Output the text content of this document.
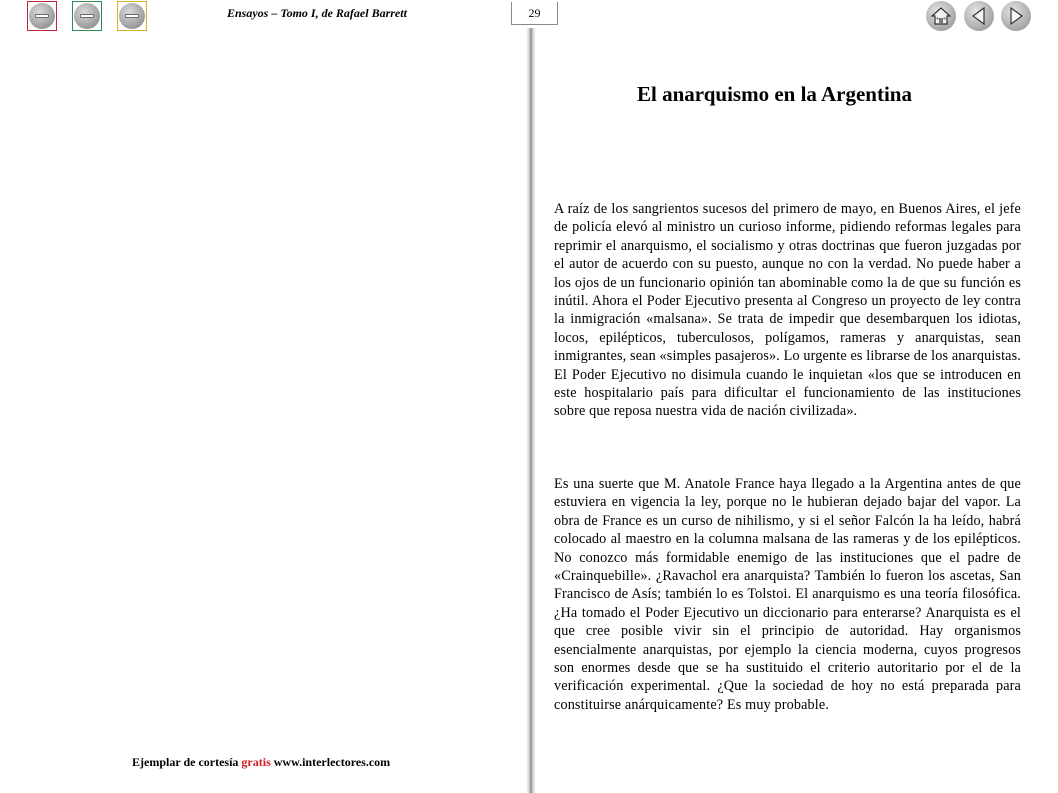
Ensayos – Tomo I, de Rafael Barrett	29
Ejemplar de cortesía gratis www.interlectores.com
El anarquismo en la Argentina

A raíz de los sangrientos sucesos del primero de mayo, en Buenos Aires, el jefe de policía elevó al ministro un curioso informe, pidiendo reformas legales para reprimir el anarquismo, el socialismo y otras doctrinas que fueron juzgadas por el autor de acuerdo con su puesto, aunque no con la verdad. No puede haber a los ojos de un funcionario opinión tan abominable como la de que su función es inútil. Ahora el Poder Ejecutivo presenta al Congreso un proyecto de ley contra la inmigración «malsana». Se trata de impedir que desembarquen los idiotas, locos, epilépticos, tuberculosos, polígamos, rameras y anarquistas, sean inmigrantes, sean «simples pasajeros». Lo urgente es librarse de los anarquistas. El Poder Ejecutivo no disimula cuando le inquietan «los que se introducen en este hospitalario país para dificultar el funcionamiento de las instituciones sobre que reposa nuestra vida de nación civilizada».

Es una suerte que M. Anatole France haya llegado a la Argentina antes de que estuviera en vigencia la ley, porque no le hubieran dejado bajar del vapor. La obra de France es un curso de nihilismo, y si el señor Falcón la ha leído, habrá colocado al maestro en la columna malsana de las rameras y de los epilépticos. No conozco más formidable enemigo de las instituciones que el padre de «Crainquebille». ¿Ravachol era anarquista? También lo fueron los ascetas, San Francisco de Asís; también lo es Tolstoi. El anarquismo es una teoría filosófica. ¿Ha tomado el Poder Ejecutivo un diccionario para enterarse? Anarquista es el que cree posible vivir sin el principio de autoridad. Hay organismos esencialmente anarquistas, por ejemplo la ciencia moderna, cuyos progresos son enormes desde que se ha sustituido el criterio autoritario por el de la verificación experimental. ¿Que la sociedad de hoy no está preparada para constituirse anárquicamente? Es muy probable.
